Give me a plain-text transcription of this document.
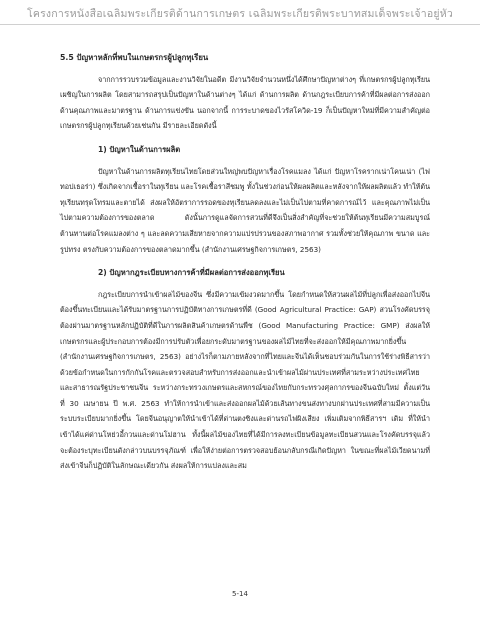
โครงการหนังสือเฉลิมพระเกียรติด้านการเกษตร เฉลิมพระเกียรติพระบาทสมเด็จพระเจ้าอยู่หัว
5.5 ปัญหาหลักที่พบในเกษตรกรผู้ปลูกทุเรียน

จากการรวบรวมข้อมูลและงานวิจัยในอดีต มีงานวิจัยจำนวนหนึ่งได้ศึกษาปัญหาต่างๆ ที่เกษตรกรผู้ปลูกทุเรียนเผชิญในการผลิต โดยสามารถสรุปเป็นปัญหาในด้านต่างๆ ได้แก่ ด้านการผลิต ด้านกฎระเบียบการค้าที่มีผลต่อการส่งออก ด้านคุณภาพและมาตรฐาน ด้านการแข่งขัน นอกจากนี้ การระบาดของไวรัสโควิด-19 ก็เป็นปัญหาใหม่ที่มีความสำคัญต่อเกษตรกรผู้ปลูกทุเรียนด้วยเช่นกัน มีรายละเอียดดังนี้

1) ปัญหาในด้านการผลิต

ปัญหาในด้านการผลิตทุเรียนไทยโดยส่วนใหญ่พบปัญหาเรื่องโรคแมลง ได้แก่ ปัญหาโรครากเน่าโคนเน่า (ไฟทอปเธอร่า) ซึ่งเกิดจากเชื้อราในทุเรียน และโรคเชื้อราสีชมพู ทั้งในช่วงก่อนให้ผลผลิตและหลังจากให้ผลผลิตแล้ว ทำให้ต้นทุเรียนทรุดโทรมและตายได้ ส่งผลให้อัตราการรอดของทุเรียนลดลงและไม่เป็นไปตามที่คาดการณ์ไว้ และคุณภาพไม่เป็นไปตามความต้องการของตลาด ดังนั้นการดูแลจัดการสวนที่ดีจึงเป็นสิ่งสำคัญที่จะช่วยให้ต้นทุเรียนมีความสมบูรณ์ ต้านทานต่อโรคแมลงต่าง ๆ และลดความเสียหายจากความแปรปรวนของสภาพอากาศ รวมทั้งช่วยให้คุณภาพ ขนาด และรูปทรง ตรงกับความต้องการของตลาดมากขึ้น (สำนักงานเศรษฐกิจการเกษตร, 2563)

2) ปัญหากฎระเบียบทางการค้าที่มีผลต่อการส่งออกทุเรียน

กฎระเบียบการนำเข้าผลไม้ของจีน ซึ่งมีความเข้มงวดมากขึ้น โดยกำหนดให้สวนผลไม้ที่ปลูกเพื่อส่งออกไปจีนต้องขึ้นทะเบียนและได้รับมาตรฐานการปฏิบัติทางการเกษตรที่ดี (Good Agricultural Practice: GAP) สวนโรงคัดบรรจุต้องผ่านมาตรฐานหลักปฏิบัติที่ดีในการผลิตสินค้าเกษตรด้านพืช (Good Manufacturing Practice: GMP) ส่งผลให้เกษตรกรและผู้ประกอบการต้องมีการปรับตัวเพื่อยกระดับมาตรฐานของผลไม้ไทยที่จะส่งออกให้มีคุณภาพมากยิ่งขึ้น (สำนักงานเศรษฐกิจการเกษตร, 2563) อย่างไรก็ตามภายหลังจากที่ไทยและจีนได้เห็นชอบร่วมกันในการใช้ร่างพิธีสารว่าด้วยข้อกำหนดในการกักกันโรคและตรวจสอบสำหรับการส่งออกและนำเข้าผลไม้ผ่านประเทศที่สามระหว่างประเทศไทยและสาธารณรัฐประชาชนจีน ระหว่างกระทรวงเกษตรและสหกรณ์ของไทยกับกระทรวงศุลกากรของจีนฉบับใหม่ ตั้งแต่วันที่ 30 เมษายน ปี พ.ศ. 2563 ทำให้การนำเข้าและส่งออกผลไม้ด้วยเส้นทางขนส่งทางบกผ่านประเทศที่สามมีความเป็นระบบระเบียบมากยิ่งขึ้น โดยจีนอนุญาตให้นำเข้าได้ที่ด่านตงซิงและด่านรถไฟผิงเสียง เพิ่มเติมจากพิธีสารฯ เดิม ที่ให้นำเข้าได้แค่ด่านโหย่วอี้กวนและด่านโม่ฮาน ทั้งนี้ผลไม้ของไทยที่ได้มีการลงทะเบียนข้อมูลทะเบียนสวนและโรงคัดบรรจุแล้วจะต้องระบุทะเบียนดังกล่าวบนบรรจุภัณฑ์ เพื่อให้ง่ายต่อการตรวจสอบย้อนกลับกรณีเกิดปัญหา ในขณะที่ผลไม้เวียดนามที่ส่งเข้าจีนก็ปฏิบัติในลักษณะเดียวกัน ส่งผลให้การแปลงและสม

5-14
